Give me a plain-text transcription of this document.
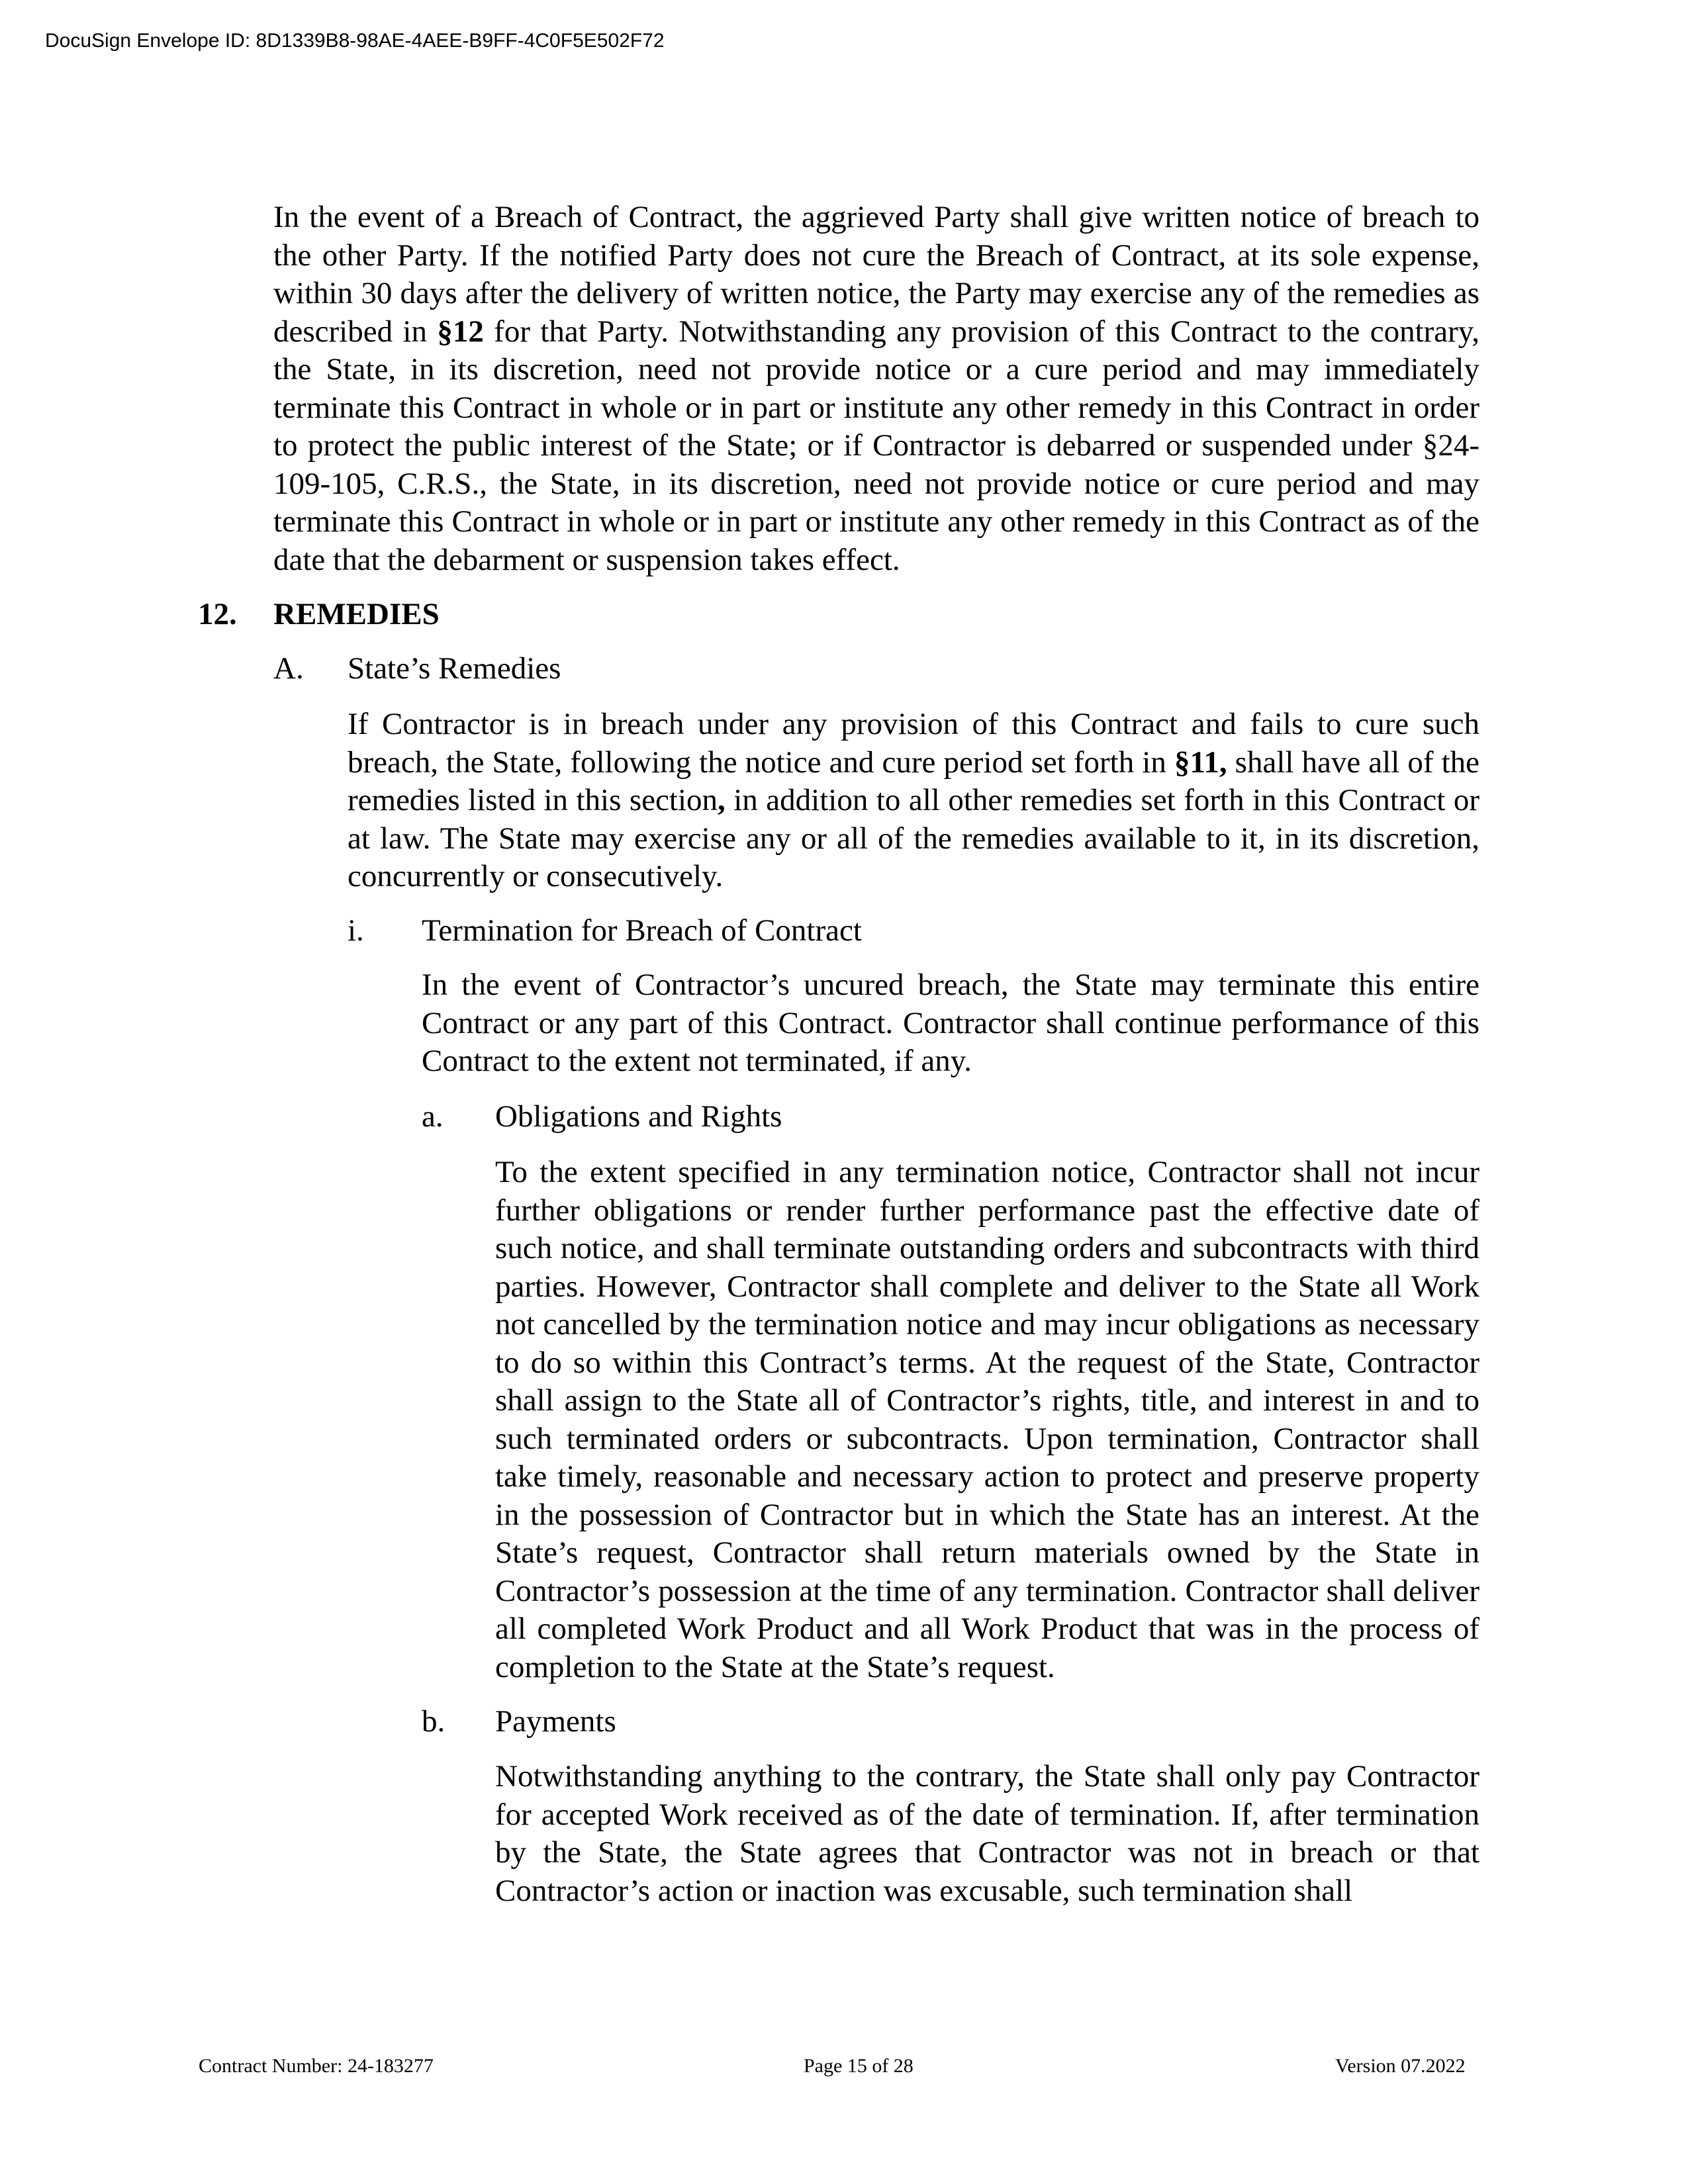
DocuSign Envelope ID: 8D1339B8-98AE-4AEE-B9FF-4C0F5E502F72

In the event of a Breach of Contract, the aggrieved Party shall give written notice of breach to the other Party. If the notified Party does not cure the Breach of Contract, at its sole expense, within 30 days after the delivery of written notice, the Party may exercise any of the remedies as described in §12 for that Party. Notwithstanding any provision of this Contract to the contrary, the State, in its discretion, need not provide notice or a cure period and may immediately terminate this Contract in whole or in part or institute any other remedy in this Contract in order to protect the public interest of the State; or if Contractor is debarred or suspended under §24-109-105, C.R.S., the State, in its discretion, need not provide notice or cure period and may terminate this Contract in whole or in part or institute any other remedy in this Contract as of the date that the debarment or suspension takes effect.

12. REMEDIES
A. State’s Remedies

If Contractor is in breach under any provision of this Contract and fails to cure such breach, the State, following the notice and cure period set forth in §11, shall have all of the remedies listed in this section, in addition to all other remedies set forth in this Contract or at law. The State may exercise any or all of the remedies available to it, in its discretion, concurrently or consecutively.

i. Termination for Breach of Contract

In the event of Contractor’s uncured breach, the State may terminate this entire Contract or any part of this Contract. Contractor shall continue performance of this Contract to the extent not terminated, if any.

a. Obligations and Rights

To the extent specified in any termination notice, Contractor shall not incur further obligations or render further performance past the effective date of such notice, and shall terminate outstanding orders and subcontracts with third parties. However, Contractor shall complete and deliver to the State all Work not cancelled by the termination notice and may incur obligations as necessary to do so within this Contract’s terms. At the request of the State, Contractor shall assign to the State all of Contractor’s rights, title, and interest in and to such terminated orders or subcontracts. Upon termination, Contractor shall take timely, reasonable and necessary action to protect and preserve property in the possession of Contractor but in which the State has an interest. At the State’s request, Contractor shall return materials owned by the State in Contractor’s possession at the time of any termination. Contractor shall deliver all completed Work Product and all Work Product that was in the process of completion to the State at the State’s request.

b. Payments

Notwithstanding anything to the contrary, the State shall only pay Contractor for accepted Work received as of the date of termination. If, after termination by the State, the State agrees that Contractor was not in breach or that Contractor’s action or inaction was excusable, such termination shall

Contract Number: 24-183277	Page 15 of 28	Version 07.2022
